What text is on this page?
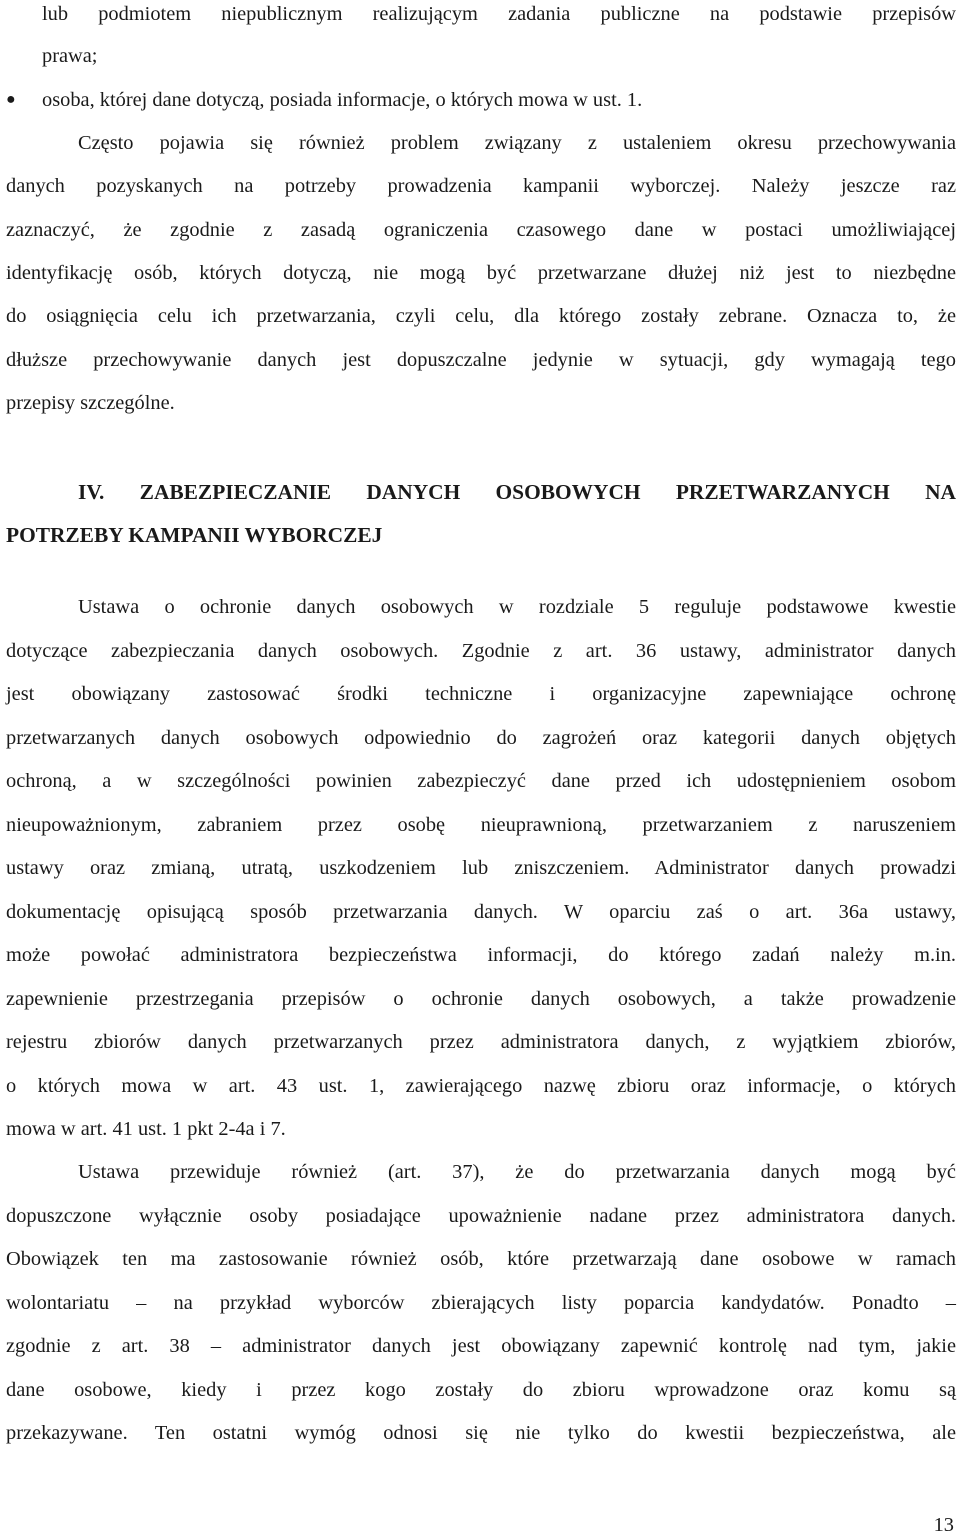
lub podmiotem niepublicznym realizującym zadania publiczne na podstawie przepisów
prawa;
● osoba, której dane dotyczą, posiada informacje, o których mowa w ust. 1.
Często pojawia się również problem związany z ustaleniem okresu przechowywania
danych pozyskanych na potrzeby prowadzenia kampanii wyborczej. Należy jeszcze raz
zaznaczyć, że zgodnie z zasadą ograniczenia czasowego dane w postaci umożliwiającej
identyfikację osób, których dotyczą, nie mogą być przetwarzane dłużej niż jest to niezbędne
do osiągnięcia celu ich przetwarzania, czyli celu, dla którego zostały zebrane. Oznacza to, że
dłuższe przechowywanie danych jest dopuszczalne jedynie w sytuacji, gdy wymagają tego
przepisy szczególne.
IV. ZABEZPIECZANIE DANYCH OSOBOWYCH PRZETWARZANYCH NA
POTRZEBY KAMPANII WYBORCZEJ
Ustawa o ochronie danych osobowych w rozdziale 5 reguluje podstawowe kwestie
dotyczące zabezpieczania danych osobowych. Zgodnie z art. 36 ustawy, administrator danych
jest obowiązany zastosować środki techniczne i organizacyjne zapewniające ochronę
przetwarzanych danych osobowych odpowiednio do zagrożeń oraz kategorii danych objętych
ochroną, a w szczególności powinien zabezpieczyć dane przed ich udostępnieniem osobom
nieupoważnionym, zabraniem przez osobę nieuprawnioną, przetwarzaniem z naruszeniem
ustawy oraz zmianą, utratą, uszkodzeniem lub zniszczeniem. Administrator danych prowadzi
dokumentację opisującą sposób przetwarzania danych. W oparciu zaś o art. 36a ustawy,
może powołać administratora bezpieczeństwa informacji, do którego zadań należy m.in.
zapewnienie przestrzegania przepisów o ochronie danych osobowych, a także prowadzenie
rejestru zbiorów danych przetwarzanych przez administratora danych, z wyjątkiem zbiorów,
o których mowa w art. 43 ust. 1, zawierającego nazwę zbioru oraz informacje, o których
mowa w art. 41 ust. 1 pkt 2-4a i 7.
Ustawa przewiduje również (art. 37), że do przetwarzania danych mogą być
dopuszczone wyłącznie osoby posiadające upoważnienie nadane przez administratora danych.
Obowiązek ten ma zastosowanie również osób, które przetwarzają dane osobowe w ramach
wolontariatu – na przykład wyborców zbierających listy poparcia kandydatów. Ponadto –
zgodnie z art. 38 – administrator danych jest obowiązany zapewnić kontrolę nad tym, jakie
dane osobowe, kiedy i przez kogo zostały do zbioru wprowadzone oraz komu są
przekazywane. Ten ostatni wymóg odnosi się nie tylko do kwestii bezpieczeństwa, ale
13
